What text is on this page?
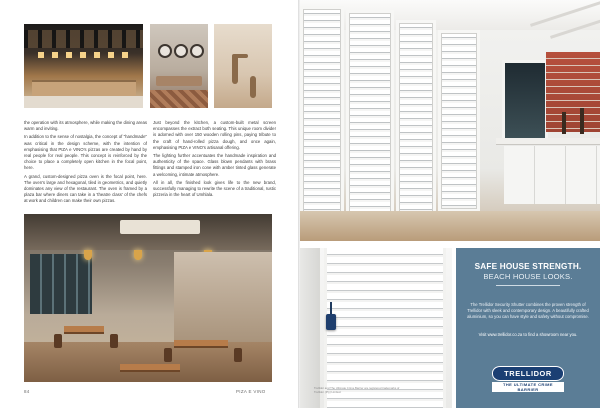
the operation with its atmosphere, while making the dining areas warm and inviting.

In addition to the sense of nostalgia, the concept of "handmade" was critical in the design scheme, with the intention of emphasising that PIZA e VINO's pizzas are created by hand by real people for real people. This concept is reinforced by the choice to place a completely open kitchen in the focal point, here.

A grand, custom-designed pizza oven is the focal point, here. The oven's large and hexagonal, tiled in geometrics, and quietly dominates any view of the restaurant. The oven is framed by a plaza bar where diners can take in a 'theatre class' of the chefs at work and children can make their own pizzas.

Just beyond the kitchen, a custom-built metal screen encompasses the extract both seating. This unique room divider is adorned with over 150 wooden rolling pins, paying tribute to the craft of hand-rolled pizza dough, and once again, emphasising PIZA e VINO's artisanal offering.

The lighting further accentuates the handmade inspiration and authenticity of the space. Glass blown pendants with brass fittings and stamped iron cone with amber tinted glass generate a welcoming, intimate atmosphere.

All in all, the finished look gives life to the new brand, successfully managing to rewrite the scene of a traditional, rustic pizzeria in the heart of Umhlala.

84	PIZA E VINO
SAFE HOUSE STRENGTH.
BEACH HOUSE LOOKS.
The Trellidor Security Shutter combines the proven strength of Trellidor with sleek and contemporary design. A beautifully crafted aluminium, so you can have style and safety without compromise.
Visit www.trellidor.co.za to find a showroom near you.
TRELLIDOR
THE ULTIMATE CRIME BARRIER
Trellidor and The Ultimate Crime Barrier are registered trademarks of Trellidor (Pty) Limited.
